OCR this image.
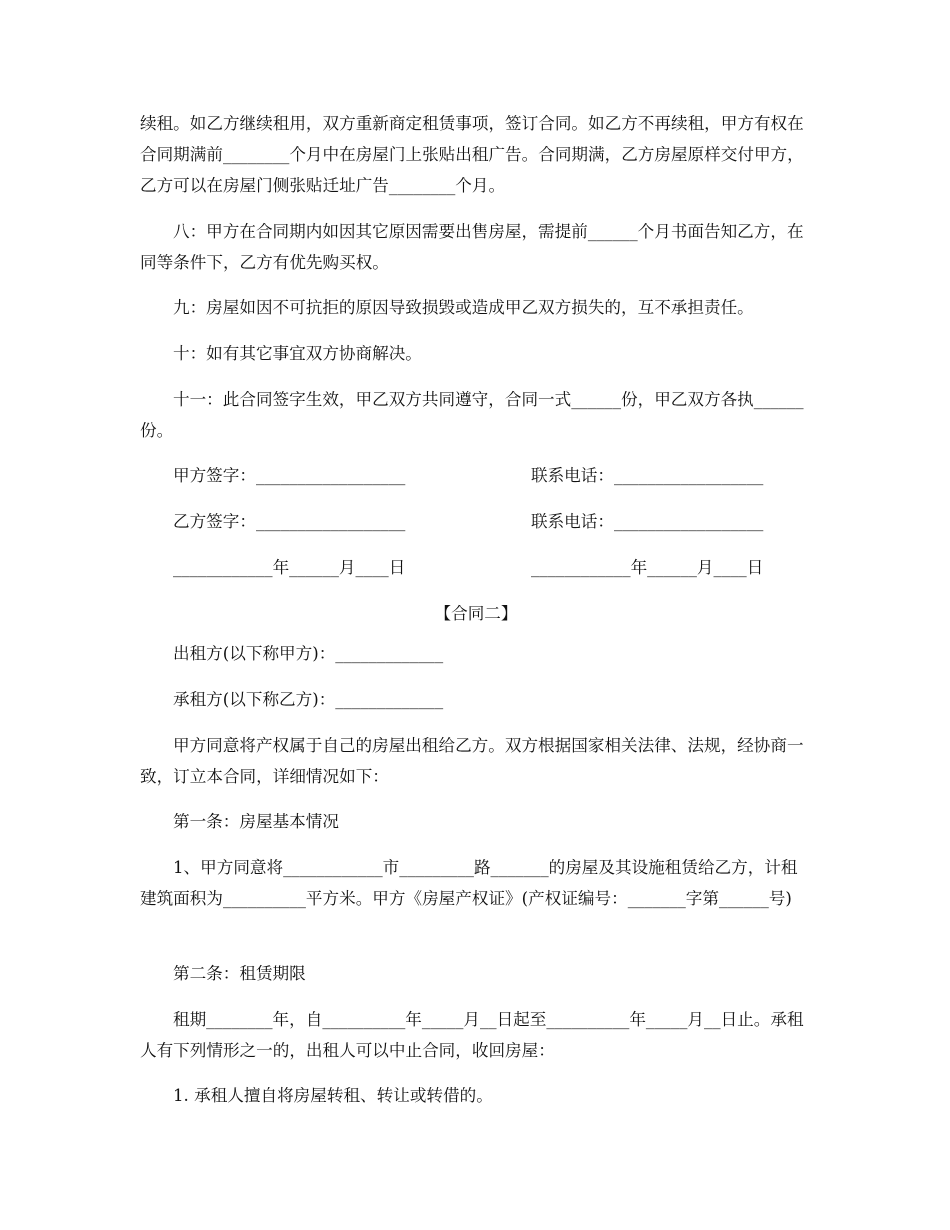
续租。如乙方继续租用，双方重新商定租赁事项，签订合同。如乙方不再续租，甲方有权在合同期满前________个月中在房屋门上张贴出租广告。合同期满，乙方房屋原样交付甲方，乙方可以在房屋门侧张贴迁址广告________个月。

八：甲方在合同期内如因其它原因需要出售房屋，需提前______个月书面告知乙方，在同等条件下，乙方有优先购买权。

九：房屋如因不可抗拒的原因导致损毁或造成甲乙双方损失的，互不承担责任。

十：如有其它事宜双方协商解决。

十一：此合同签字生效，甲乙双方共同遵守，合同一式______份，甲乙双方各执______份。

甲方签字：__________________	联系电话：__________________
乙方签字：__________________	联系电话：__________________
____________年______月____日	____________年______月____日
【合同二】
出租方(以下称甲方)：_____________
承租方(以下称乙方)：_____________

甲方同意将产权属于自己的房屋出租给乙方。双方根据国家相关法律、法规，经协商一致，订立本合同，详细情况如下：

第一条：房屋基本情况

1、甲方同意将____________市_________路_______的房屋及其设施租赁给乙方，计租建筑面积为__________平方米。甲方《房屋产权证》(产权证编号：_______字第______号)

第二条：租赁期限

租期________年，自__________年_____月__日起至__________年_____月__日止。承租人有下列情形之一的，出租人可以中止合同，收回房屋：

1. 承租人擅自将房屋转租、转让或转借的。
